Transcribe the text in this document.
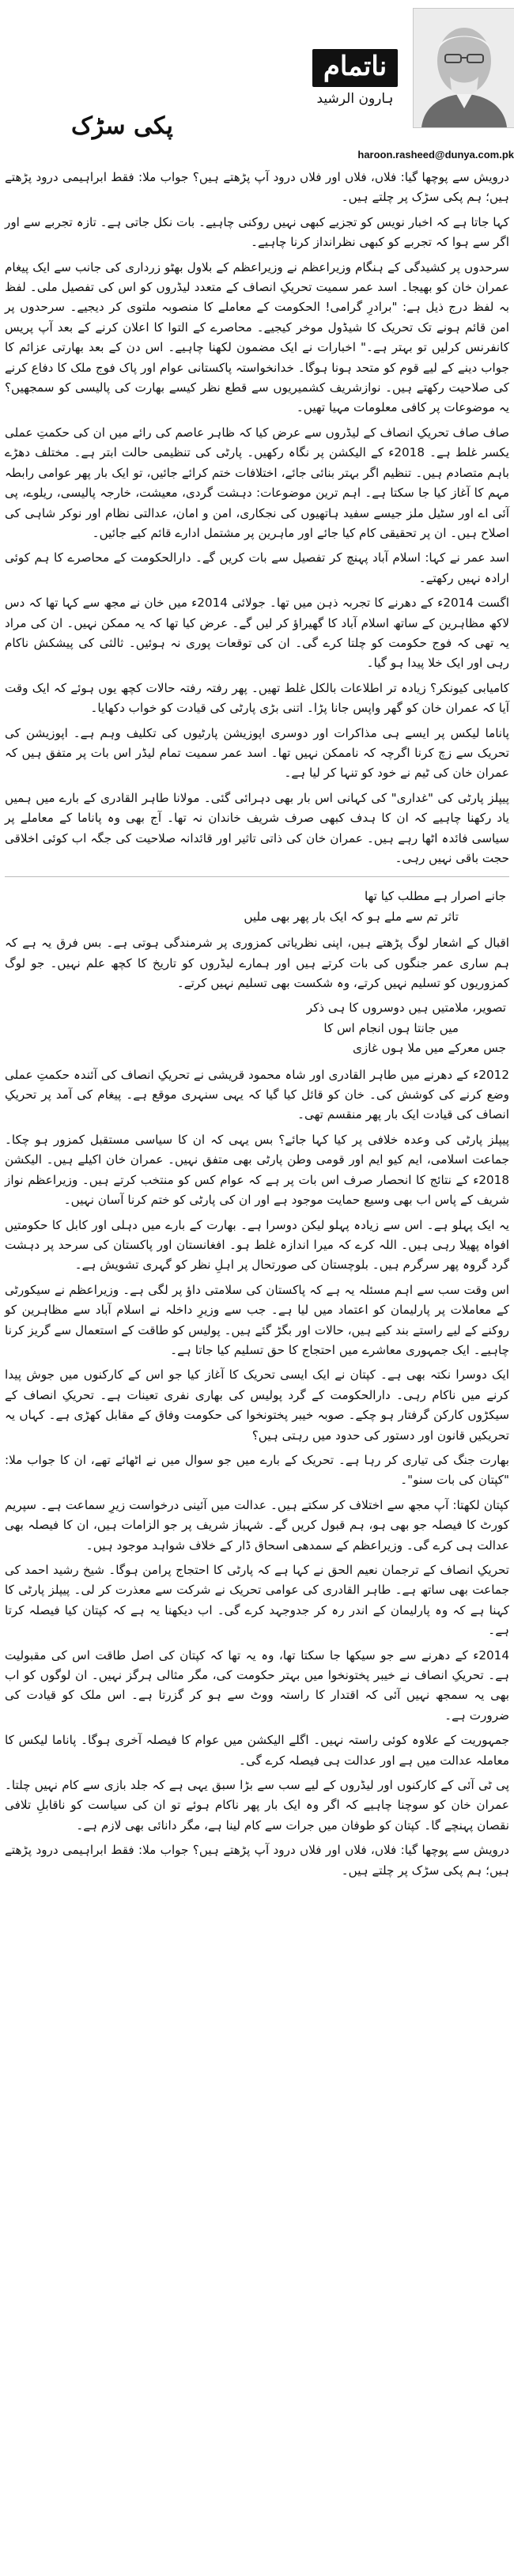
ناتمام
ہارون الرشید
haroon.rasheed@dunya.com.pk
پکی سڑک

درویش سے پوچھا گیا: فلاں، فلاں اور فلاں درود آپ پڑھتے ہیں؟ جواب ملا: فقط ابراہیمی درود پڑھتے ہیں؛ ہم پکی سڑک پر چلتے ہیں۔

کہا جاتا ہے کہ اخبار نویس کو تجزیے کبھی نہیں روکنی چاہیے۔ بات نکل جاتی ہے۔ تازہ تجربے سے اور اگر سے ہوا کہ تجربے کو کبھی نظرانداز کرنا چاہیے۔

سرحدوں پر کشیدگی کے ہنگام وزیراعظم نے وزیراعظم کے بلاول بھٹو زرداری کی جانب سے ایک پیغام عمران خان کو بھیجا۔ اسد عمر سمیت تحریکِ انصاف کے متعدد لیڈروں کو اس کی تفصیل ملی۔ لفظ بہ لفظ درج ذیل ہے: "برادرِ گرامی! الحکومت کے معاملے کا منصوبہ ملتوی کر دیجیے۔ سرحدوں پر امن قائم ہونے تک تحریک کا شیڈول موخر کیجیے۔ محاصرے کے التوا کا اعلان کرنے کے بعد آپ پریس کانفرنس کرلیں تو بہتر ہے۔" اخبارات نے ایک مضمون لکھنا چاہیے۔ اس دن کے بعد بھارتی عزائم کا جواب دینے کے لیے قوم کو متحد ہونا ہوگا۔ خدانخواستہ پاکستانی عوام اور پاک فوج ملک کا دفاع کرنے کی صلاحیت رکھتے ہیں۔ نوازشریف کشمیریوں سے قطع نظر کیسے بھارت کی پالیسی کو سمجھیں؟ یہ موضوعات پر کافی معلومات مہیا تھیں۔

صاف صاف تحریکِ انصاف کے لیڈروں سے عرض کیا کہ ظاہر عاصم کی رائے میں ان کی حکمتِ عملی یکسر غلط ہے۔ 2018ء کے الیکشن پر نگاہ رکھیں۔ پارٹی کی تنظیمی حالت ابتر ہے۔ مختلف دھڑے باہم متصادم ہیں۔ تنظیم اگر بہتر بنائی جائے، اختلافات ختم کرائے جائیں، تو ایک بار پھر عوامی رابطہ مہم کا آغاز کیا جا سکتا ہے۔ اہم ترین موضوعات: دہشت گردی، معیشت، خارجہ پالیسی، ریلوے، پی آئی اے اور سٹیل ملز جیسے سفید ہاتھیوں کی نجکاری، امن و امان، عدالتی نظام اور نوکر شاہی کی اصلاح ہیں۔ ان پر تحقیقی کام کیا جائے اور ماہرین پر مشتمل ادارے قائم کیے جائیں۔

اسد عمر نے کہا: اسلام آباد پہنچ کر تفصیل سے بات کریں گے۔ دارالحکومت کے محاصرے کا ہم کوئی ارادہ نہیں رکھتے۔

اگست 2014ء کے دھرنے کا تجربہ ذہن میں تھا۔ جولائی 2014ء میں خان نے مجھ سے کہا تھا کہ دس لاکھ مظاہرین کے ساتھ اسلام آباد کا گھیراؤ کر لیں گے۔ عرض کیا تھا کہ یہ ممکن نہیں۔ ان کی مراد یہ تھی کہ فوج حکومت کو چلتا کرے گی۔ ان کی توقعات پوری نہ ہوئیں۔ ثالثی کی پیشکش ناکام رہی اور ایک خلا پیدا ہو گیا۔

کامیابی کیونکر؟ زیادہ تر اطلاعات بالکل غلط تھیں۔ پھر رفتہ رفتہ حالات کچھ یوں ہوئے کہ ایک وقت آیا کہ عمران خان کو گھر واپس جانا پڑا۔ اتنی بڑی پارٹی کی قیادت کو خواب دکھایا۔

پاناما لیکس پر ایسے ہی مذاکرات اور دوسری اپوزیشن پارٹیوں کی تکلیف وہم ہے۔ اپوزیشن کی تحریک سے زچ کرنا اگرچہ کہ ناممکن نہیں تھا۔ اسد عمر سمیت تمام لیڈر اس بات پر متفق ہیں کہ عمران خان کی ٹیم نے خود کو تنہا کر لیا ہے۔

پیپلز پارٹی کی "غداری" کی کہانی اس بار بھی دہرائی گئی۔ مولانا طاہر القادری کے بارے میں ہمیں یاد رکھنا چاہیے کہ ان کا ہدف کبھی صرف شریف خاندان نہ تھا۔ آج بھی وہ پاناما کے معاملے پر سیاسی فائدہ اٹھا رہے ہیں۔ عمران خان کی ذاتی تاثیر اور قائدانہ صلاحیت کی جگہ اب کوئی اخلاقی حجت باقی نہیں رہی۔

جانے اصرار ہے مطلب کیا تھا
تاثر تم سے ملے ہو کہ ایک بار پھر بھی ملیں

اقبال کے اشعار لوگ پڑھتے ہیں، اپنی نظریاتی کمزوری پر شرمندگی ہوتی ہے۔ بس فرق یہ ہے کہ ہم ساری عمر جنگوں کی بات کرتے ہیں اور ہمارے لیڈروں کو تاریخ کا کچھ علم نہیں۔ جو لوگ کمزوریوں کو تسلیم نہیں کرتے، وہ شکست بھی تسلیم نہیں کرتے۔

تصویر، ملامتیں ہیں دوسروں کا ہی ذکر
میں جانتا ہوں انجام اس کا
جس معرکے میں ملا ہوں غازی

2012ء کے دھرنے میں طاہر القادری اور شاہ محمود قریشی نے تحریکِ انصاف کی آئندہ حکمتِ عملی وضع کرنے کی کوشش کی۔ خان کو قائل کیا گیا کہ یہی سنہری موقع ہے۔ پیغام کی آمد پر تحریکِ انصاف کی قیادت ایک بار پھر منقسم تھی۔

پیپلز پارٹی کی وعدہ خلافی پر کیا کہا جائے؟ بس یہی کہ ان کا سیاسی مستقبل کمزور ہو چکا۔ جماعت اسلامی، ایم کیو ایم اور قومی وطن پارٹی بھی متفق نہیں۔ عمران خان اکیلے ہیں۔ الیکشن 2018ء کے نتائج کا انحصار صرف اس بات پر ہے کہ عوام کس کو منتخب کرتے ہیں۔ وزیراعظم نواز شریف کے پاس اب بھی وسیع حمایت موجود ہے اور ان کی پارٹی کو ختم کرنا آسان نہیں۔

یہ ایک پہلو ہے۔ اس سے زیادہ پہلو لیکن دوسرا ہے۔ بھارت کے بارے میں دہلی اور کابل کا حکومتیں افواہ پھیلا رہی ہیں۔ اللہ کرے کہ میرا اندازہ غلط ہو۔ افغانستان اور پاکستان کی سرحد پر دہشت گرد گروہ پھر سرگرم ہیں۔ بلوچستان کی صورتحال پر اہلِ نظر کو گہری تشویش ہے۔

اس وقت سب سے اہم مسئلہ یہ ہے کہ پاکستان کی سلامتی داؤ پر لگی ہے۔ وزیراعظم نے سیکورٹی کے معاملات پر پارلیمان کو اعتماد میں لیا ہے۔ جب سے وزیرِ داخلہ نے اسلام آباد سے مظاہرین کو روکنے کے لیے راستے بند کیے ہیں، حالات اور بگڑ گئے ہیں۔ پولیس کو طاقت کے استعمال سے گریز کرنا چاہیے۔ ایک جمہوری معاشرے میں احتجاج کا حق تسلیم کیا جاتا ہے۔

ایک دوسرا نکتہ بھی ہے۔ کپتان نے ایک ایسی تحریک کا آغاز کیا جو اس کے کارکنوں میں جوش پیدا کرنے میں ناکام رہی۔ دارالحکومت کے گرد پولیس کی بھاری نفری تعینات ہے۔ تحریکِ انصاف کے سیکڑوں کارکن گرفتار ہو چکے۔ صوبہ خیبر پختونخوا کی حکومت وفاق کے مقابل کھڑی ہے۔ کہاں یہ تحریکیں قانون اور دستور کی حدود میں رہتی ہیں؟

بھارت جنگ کی تیاری کر رہا ہے۔ تحریک کے بارے میں جو سوال میں نے اٹھائے تھے، ان کا جواب ملا: "کپتان کی بات سنو"۔

کپتان لکھتا: آپ مجھ سے اختلاف کر سکتے ہیں۔ عدالت میں آئینی درخواست زیرِ سماعت ہے۔ سپریم کورٹ کا فیصلہ جو بھی ہو، ہم قبول کریں گے۔ شہباز شریف پر جو الزامات ہیں، ان کا فیصلہ بھی عدالت ہی کرے گی۔ وزیراعظم کے سمدھی اسحاق ڈار کے خلاف شواہد موجود ہیں۔

تحریکِ انصاف کے ترجمان نعیم الحق نے کہا ہے کہ پارٹی کا احتجاج پرامن ہوگا۔ شیخ رشید احمد کی جماعت بھی ساتھ ہے۔ طاہر القادری کی عوامی تحریک نے شرکت سے معذرت کر لی۔ پیپلز پارٹی کا کہنا ہے کہ وہ پارلیمان کے اندر رہ کر جدوجہد کرے گی۔ اب دیکھنا یہ ہے کہ کپتان کیا فیصلہ کرتا ہے۔

2014ء کے دھرنے سے جو سیکھا جا سکتا تھا، وہ یہ تھا کہ کپتان کی اصل طاقت اس کی مقبولیت ہے۔ تحریکِ انصاف نے خیبر پختونخوا میں بہتر حکومت کی، مگر مثالی ہرگز نہیں۔ ان لوگوں کو اب بھی یہ سمجھ نہیں آئی کہ اقتدار کا راستہ ووٹ سے ہو کر گزرتا ہے۔ اس ملک کو قیادت کی ضرورت ہے۔

جمہوریت کے علاوہ کوئی راستہ نہیں۔ اگلے الیکشن میں عوام کا فیصلہ آخری ہوگا۔ پاناما لیکس کا معاملہ عدالت میں ہے اور عدالت ہی فیصلہ کرے گی۔

پی ٹی آئی کے کارکنوں اور لیڈروں کے لیے سب سے بڑا سبق یہی ہے کہ جلد بازی سے کام نہیں چلتا۔ عمران خان کو سوچنا چاہیے کہ اگر وہ ایک بار پھر ناکام ہوئے تو ان کی سیاست کو ناقابلِ تلافی نقصان پہنچے گا۔ کپتان کو طوفان میں جرات سے کام لینا ہے، مگر دانائی بھی لازم ہے۔

درویش سے پوچھا گیا: فلاں، فلاں اور فلاں درود آپ پڑھتے ہیں؟ جواب ملا: فقط ابراہیمی درود پڑھتے ہیں؛ ہم پکی سڑک پر چلتے ہیں۔
